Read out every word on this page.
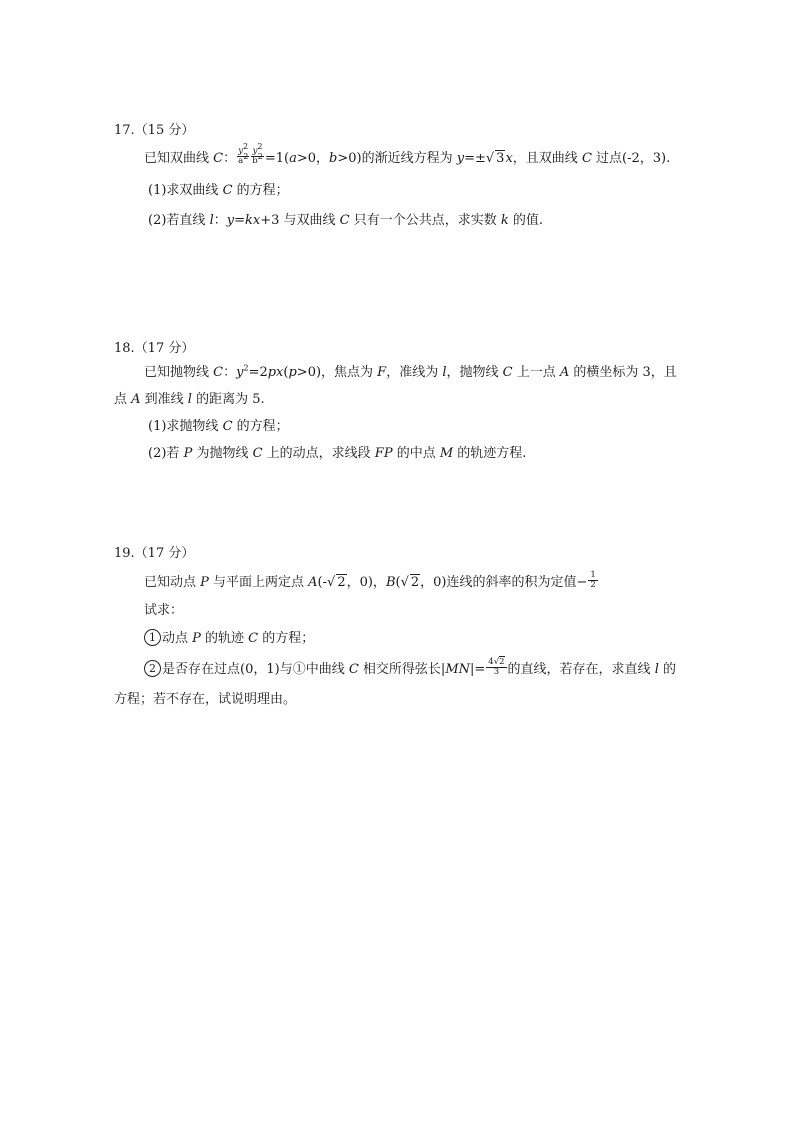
17.（15 分）
已知双曲线 C： $\frac{y^2}{a^2} \frac{y^2}{b^2} =1(a>0$，b>0)的渐近线方程为 y=±√ 3x，且双曲线 C 过点(-2，3).
(1)求双曲线 C 的方程；
(2)若直线 l：y=kx+3 与双曲线 C 只有一个公共点，求实数 k 的值.
18.（17 分）
已知抛物线 C：$y^2=2px(p>0)$，焦点为 F，准线为 l，抛物线 C 上一点 A 的横坐标为 3，且
点 A 到准线 l 的距离为 5.
(1)求抛物线 C 的方程；
(2)若 P 为抛物线 C 上的动点，求线段 FP 的中点 M 的轨迹方程.
19.（17 分）
已知动点 P 与平面上两定点 A(-√ 2，0)，B(√ 2，0)连线的斜率的积为定值− $\frac{1}{2}$
试求：
1 动点 P 的轨迹 C 的方程；
2 是否存在过点(0，1)与①中曲线 C 相交所得弦长$|MN|= \frac{4√2}{3}$ 的直线，若存在，求直线 l 的
方程；若不存在，试说明理由。
